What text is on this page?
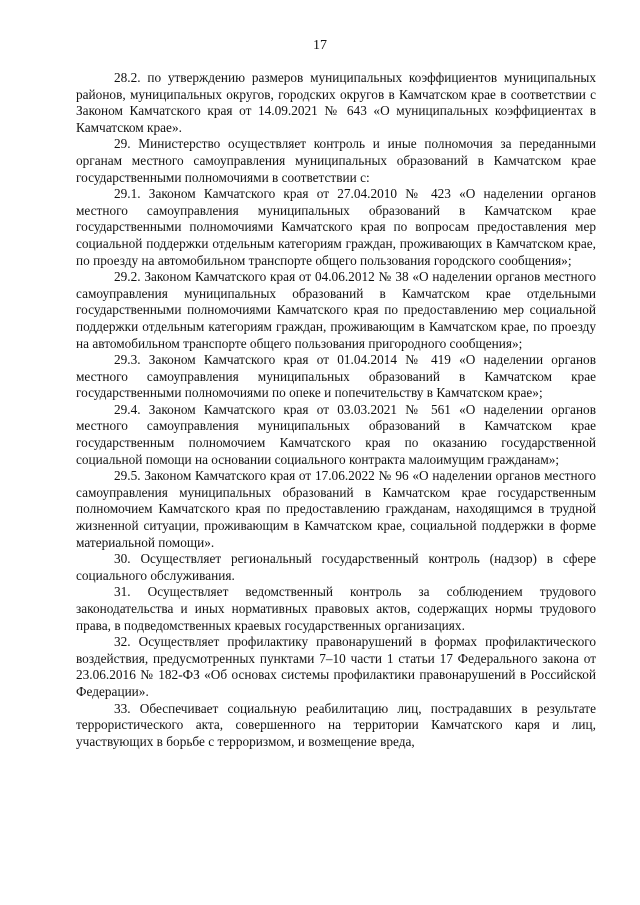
17

28.2. по утверждению размеров муниципальных коэффициентов муниципальных районов, муниципальных округов, городских округов в Камчатском крае в соответствии с Законом Камчатского края от 14.09.2021 № 643 «О муниципальных коэффициентах в Камчатском крае».

29. Министерство осуществляет контроль и иные полномочия за переданными органам местного самоуправления муниципальных образований в Камчатском крае государственными полномочиями в соответствии с:

29.1. Законом Камчатского края от 27.04.2010 № 423 «О наделении органов местного самоуправления муниципальных образований в Камчатском крае государственными полномочиями Камчатского края по вопросам предоставления мер социальной поддержки отдельным категориям граждан, проживающих в Камчатском крае, по проезду на автомобильном транспорте общего пользования городского сообщения»;

29.2. Законом Камчатского края от 04.06.2012 № 38 «О наделении органов местного самоуправления муниципальных образований в Камчатском крае отдельными государственными полномочиями Камчатского края по предоставлению мер социальной поддержки отдельным категориям граждан, проживающим в Камчатском крае, по проезду на автомобильном транспорте общего пользования пригородного сообщения»;

29.3. Законом Камчатского края от 01.04.2014 № 419 «О наделении органов местного самоуправления муниципальных образований в Камчатском крае государственными полномочиями по опеке и попечительству в Камчатском крае»;

29.4. Законом Камчатского края от 03.03.2021 № 561 «О наделении органов местного самоуправления муниципальных образований в Камчатском крае государственным полномочием Камчатского края по оказанию государственной социальной помощи на основании социального контракта малоимущим гражданам»;

29.5. Законом Камчатского края от 17.06.2022 № 96 «О наделении органов местного самоуправления муниципальных образований в Камчатском крае государственным полномочием Камчатского края по предоставлению гражданам, находящимся в трудной жизненной ситуации, проживающим в Камчатском крае, социальной поддержки в форме материальной помощи».

30. Осуществляет региональный государственный контроль (надзор) в сфере социального обслуживания.

31. Осуществляет ведомственный контроль за соблюдением трудового законодательства и иных нормативных правовых актов, содержащих нормы трудового права, в подведомственных краевых государственных организациях.

32. Осуществляет профилактику правонарушений в формах профилактического воздействия, предусмотренных пунктами 7–10 части 1 статьи 17 Федерального закона от 23.06.2016 № 182-ФЗ «Об основах системы профилактики правонарушений в Российской Федерации».

33. Обеспечивает социальную реабилитацию лиц, пострадавших в результате террористического акта, совершенного на территории Камчатского каря и лиц, участвующих в борьбе с терроризмом, и возмещение вреда,
